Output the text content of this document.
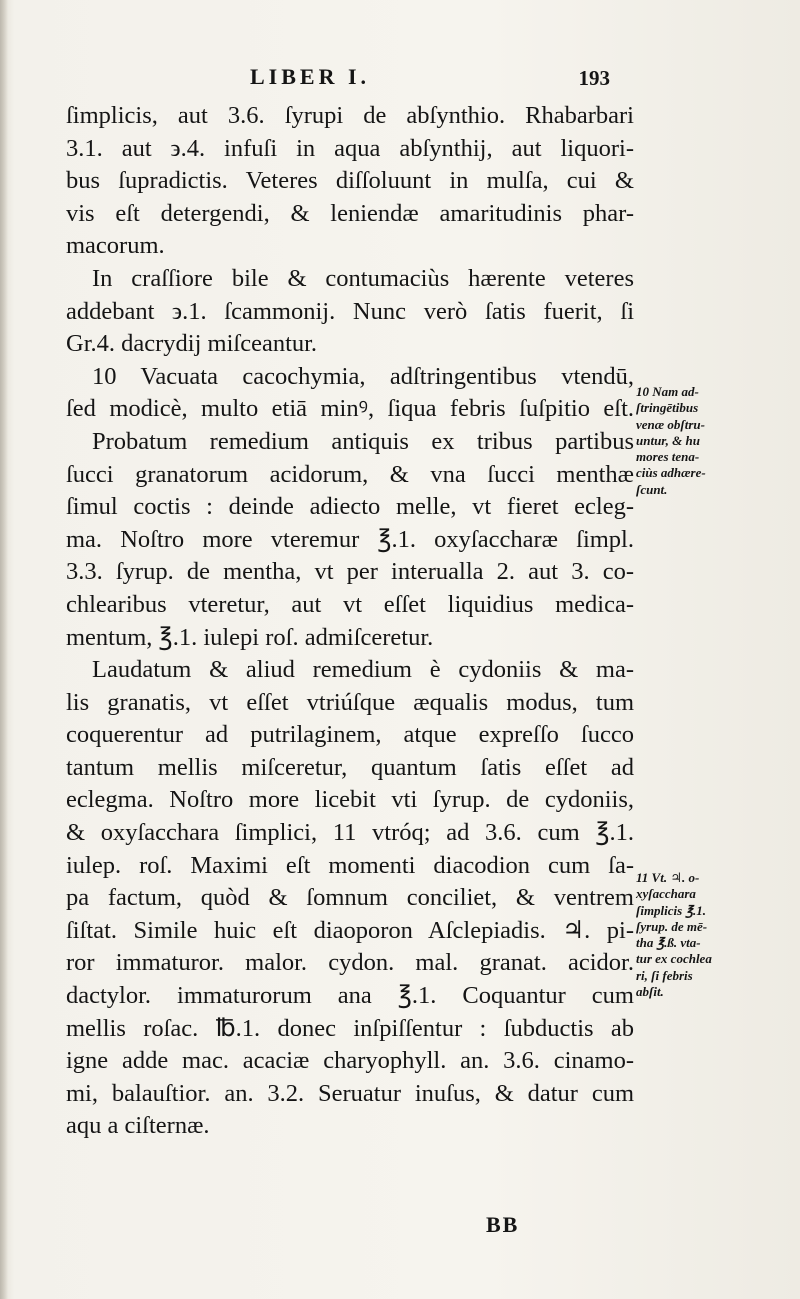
LIBER I.	193
ſimplicis, aut 3.6. ſyrupi de abſynthio. Rhabarbari
3.1. aut ϶.4. infuſi in aqua abſynthij, aut liquori-
bus ſupradictis. Veteres diſſoluunt in mulſa, cui &
vis eſt detergendi, & leniendæ amaritudinis phar-
macorum.
In craſſiore bile & contumaciùs hærente veteres
addebant ϶.1. ſcammonij. Nunc verò ſatis fuerit, ſi
Gr.4. dacrydij miſceantur.
10 Vacuata cacochymia, adſtringentibus vtendū,
ſed modicè, multo etiā minꝰ, ſiqua febris ſuſpitio eſt.
Probatum remedium antiquis ex tribus partibus
ſucci granatorum acidorum, & vna ſucci menthæ
ſimul coctis : deinde adiecto melle, vt fieret ecleg-
ma. Noſtro more vteremur ℥.1. oxyſaccharæ ſimpl.
3.3. ſyrup. de mentha, vt per interualla 2. aut 3. co-
chlearibus vteretur, aut vt eſſet liquidius medica-
mentum, ℥.1. iulepi roſ. admiſceretur.
Laudatum & aliud remedium è cydoniis & ma-
lis granatis, vt eſſet vtriúſque æqualis modus, tum
coquerentur ad putrilaginem, atque expreſſo ſucco
tantum mellis miſceretur, quantum ſatis eſſet ad
eclegma. Noſtro more licebit vti ſyrup. de cydoniis,
& oxyſacchara ſimplici, 11 vtróq; ad 3.6. cum ℥.1.
iulep. roſ. Maximi eſt momenti diacodion cum ſa-
pa factum, quòd & ſomnum conciliet, & ventrem
ſiſtat. Simile huic eſt diaoporon Aſclepiadis. ♃. pi-
ror immaturor. malor. cydon. mal. granat. acidor.
dactylor. immaturorum ana ℥.1. Coquantur cum
mellis roſac. ℔.1. donec inſpiſſentur : ſubductis ab
igne adde mac. acaciæ charyophyll. an. 3.6. cinamo-
mi, balauſtior. an. 3.2. Seruatur inuſus, & datur cum
aqu a ciſternæ.
10 Nam ad-
ſtringētibus
venæ obſtru-
untur, & hu
mores tena-
ciùs adhære-
ſcunt.
11 Vt. ♃. o-
xyſacchara
ſimplicis ℥.1.
ſyrup. de mē-
tha ℥.ß. vta-
tur ex cochlea
ri, ſi febris
abſit.
BB
